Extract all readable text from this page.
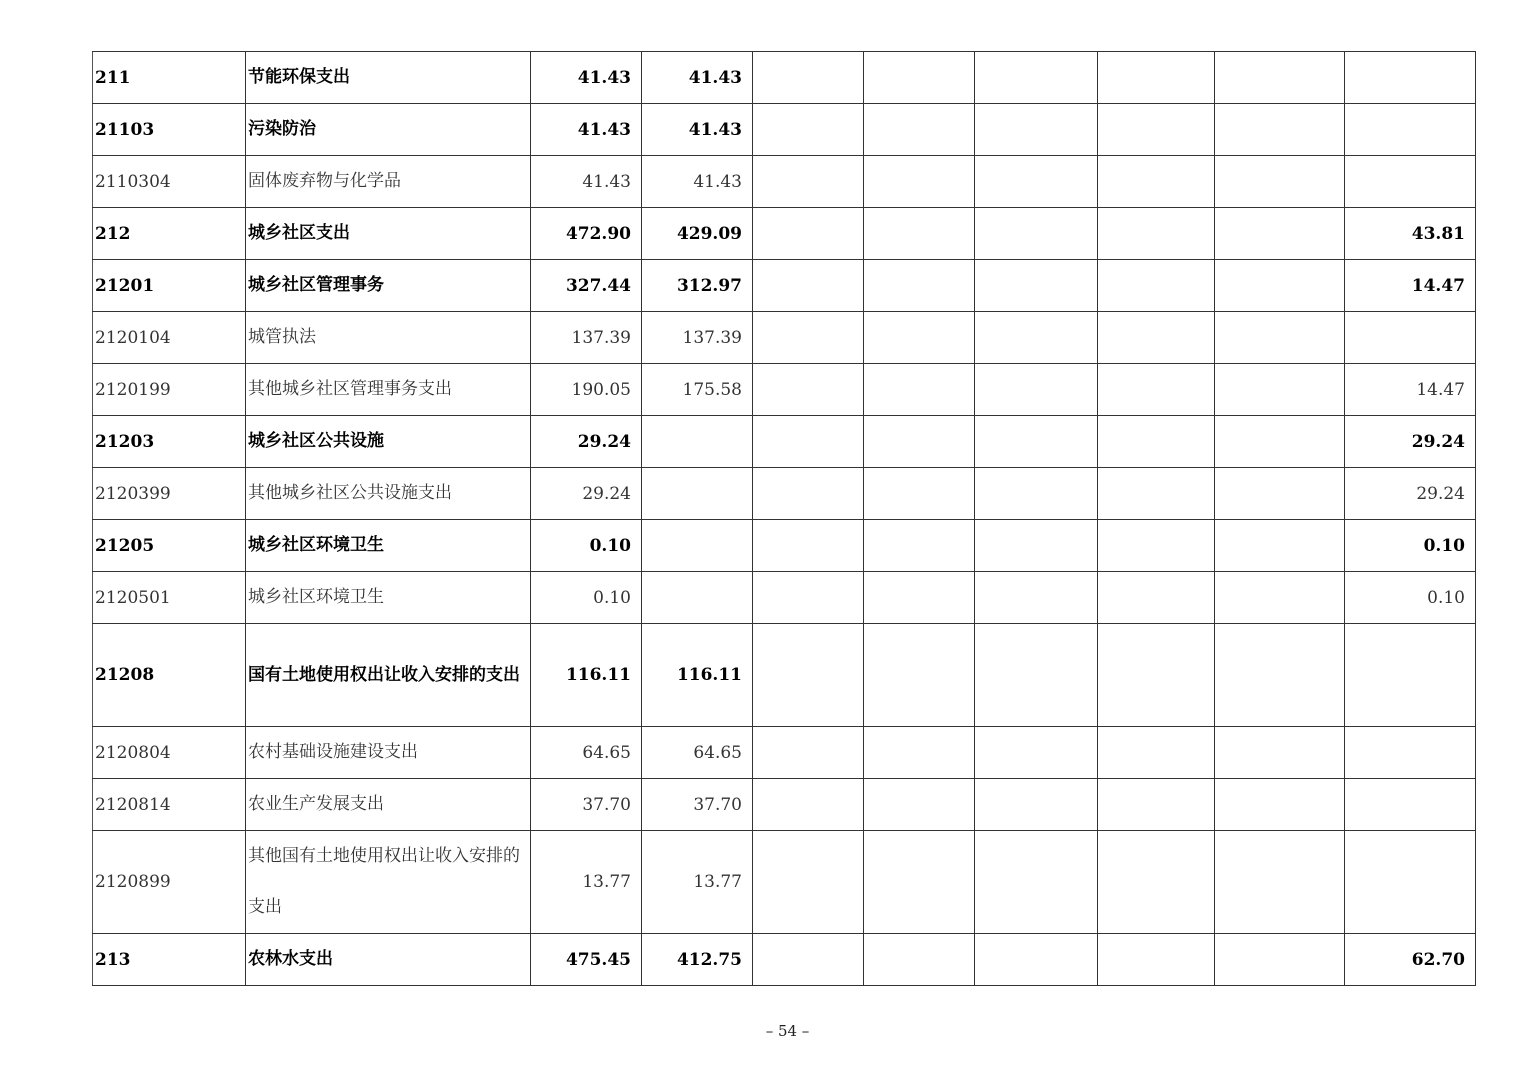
211	节能环保支出	41.43	41.43						
21103	污染防治	41.43	41.43						
2110304	固体废弃物与化学品	41.43	41.43						
212	城乡社区支出	472.90	429.09						43.81
21201	城乡社区管理事务	327.44	312.97						14.47
2120104	城管执法	137.39	137.39						
2120199	其他城乡社区管理事务支出	190.05	175.58						14.47
21203	城乡社区公共设施	29.24							29.24
2120399	其他城乡社区公共设施支出	29.24							29.24
21205	城乡社区环境卫生	0.10							0.10
2120501	城乡社区环境卫生	0.10							0.10
21208	国有土地使用权出让收入安排的支出	116.11	116.11						
2120804	农村基础设施建设支出	64.65	64.65						
2120814	农业生产发展支出	37.70	37.70						
2120899	其他国有土地使用权出让收入安排的支出	13.77	13.77						
213	农林水支出	475.45	412.75						62.70
– 54 –
